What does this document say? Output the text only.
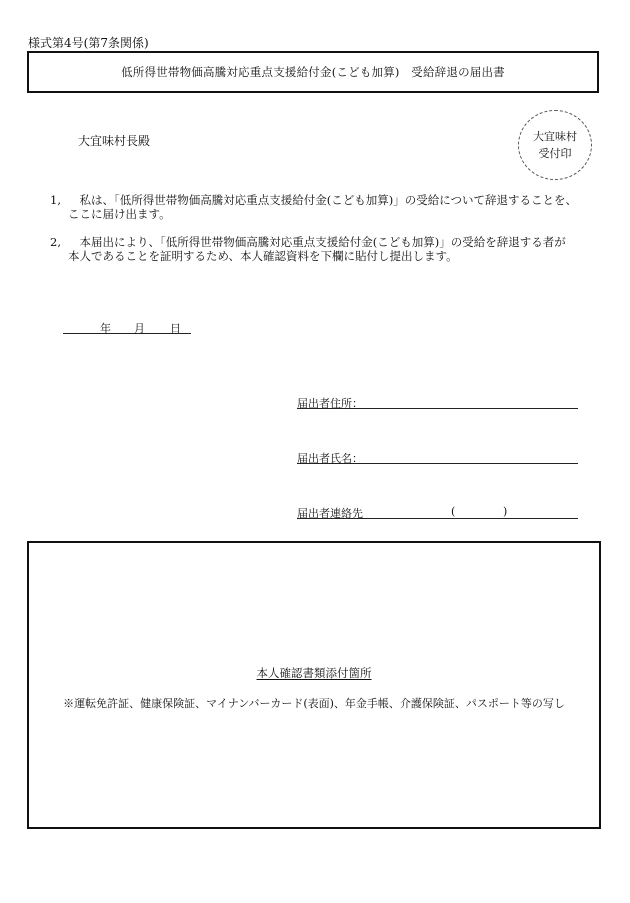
様式第4号(第7条関係)
低所得世帯物価高騰対応重点支援給付金(こども加算)　受給辞退の届出書
大宜味村長殿	大宜味村
受付印
1,	私は、「低所得世帯物価高騰対応重点支援給付金(こども加算)」の受給について辞退することを、
ここに届け出ます。
2,	本届出により、「低所得世帯物価高騰対応重点支援給付金(こども加算)」の受給を辞退する者が
本人であることを証明するため、本人確認資料を下欄に貼付し提出します。
年 月 日
届出者住所：
届出者氏名：
届出者連絡先	(	)
本人確認書類添付箇所
※運転免許証、健康保険証、マイナンバーカード(表面)、年金手帳、介護保険証、パスポート等の写し
